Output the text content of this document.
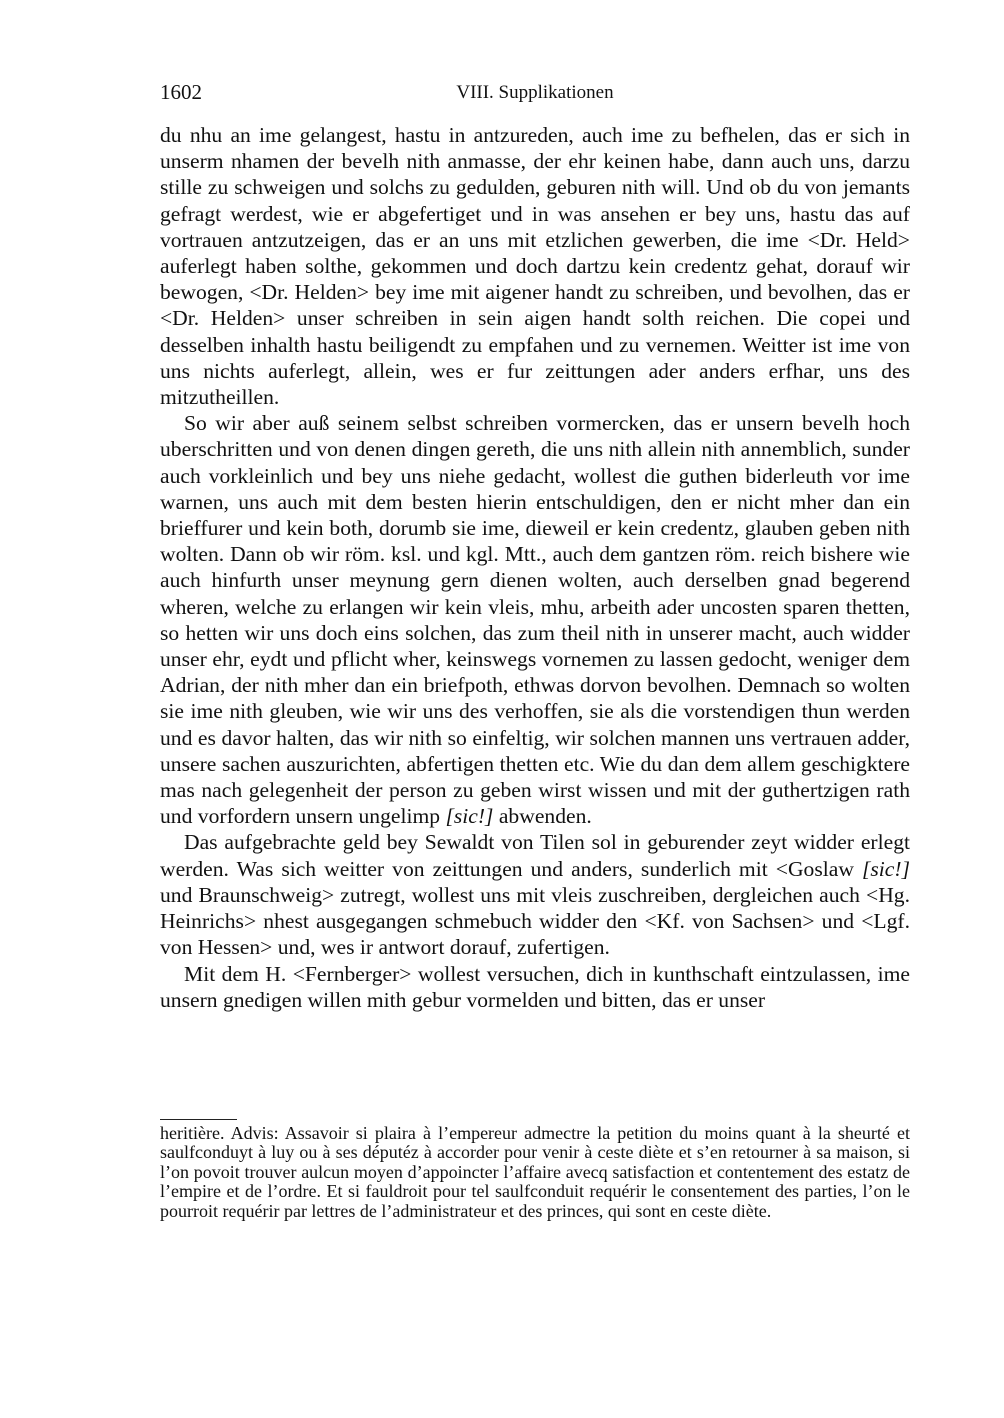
1602	VIII. Supplikationen

du nhu an ime gelangest, hastu in antzureden, auch ime zu befhelen, das er sich in unserm nhamen der bevelh nith anmasse, der ehr keinen habe, dann auch uns, darzu stille zu schweigen und solchs zu gedulden, geburen nith will. Und ob du von jemants gefragt werdest, wie er abgefertiget und in was ansehen er bey uns, hastu das auf vortrauen antzutzeigen, das er an uns mit etzlichen gewerben, die ime <Dr. Held> auferlegt haben solthe, gekommen und doch dartzu kein credentz gehat, dorauf wir bewogen, <Dr. Helden> bey ime mit aigener handt zu schreiben, und bevolhen, das er <Dr. Helden> unser schreiben in sein aigen handt solth reichen. Die copei und desselben inhalth hastu beiligendt zu empfahen und zu vernemen. Weitter ist ime von uns nichts auferlegt, allein, wes er fur zeittungen ader anders erfhar, uns des mitzutheillen.

So wir aber auß seinem selbst schreiben vormercken, das er unsern bevelh hoch uberschritten und von denen dingen gereth, die uns nith allein nith annemblich, sunder auch vorkleinlich und bey uns niehe gedacht, wollest die guthen biderleuth vor ime warnen, uns auch mit dem besten hierin entschuldigen, den er nicht mher dan ein brieffurer und kein both, dorumb sie ime, dieweil er kein credentz, glauben geben nith wolten. Dann ob wir röm. ksl. und kgl. Mtt., auch dem gantzen röm. reich bishere wie auch hinfurth unser meynung gern dienen wolten, auch derselben gnad begerend wheren, welche zu erlangen wir kein vleis, mhu, arbeith ader uncosten sparen thetten, so hetten wir uns doch eins solchen, das zum theil nith in unserer macht, auch widder unser ehr, eydt und pflicht wher, keinswegs vornemen zu lassen gedocht, weniger dem Adrian, der nith mher dan ein briefpoth, ethwas dorvon bevolhen. Demnach so wolten sie ime nith gleuben, wie wir uns des verhoffen, sie als die vorstendigen thun werden und es davor halten, das wir nith so einfeltig, wir solchen mannen uns vertrauen adder, unsere sachen auszurichten, abfertigen thetten etc. Wie du dan dem allem geschigktere mas nach gelegenheit der person zu geben wirst wissen und mit der guthertzigen rath und vorfordern unsern ungelimp [sic!] abwenden.

Das aufgebrachte geld bey Sewaldt von Tilen sol in geburender zeyt widder erlegt werden. Was sich weitter von zeittungen und anders, sunderlich mit <Goslaw [sic!] und Braunschweig> zutregt, wollest uns mit vleis zuschreiben, dergleichen auch <Hg. Heinrichs> nhest ausgegangen schmebuch widder den <Kf. von Sachsen> und <Lgf. von Hessen> und, wes ir antwort dorauf, zufertigen.

Mit dem H. <Fernberger> wollest versuchen, dich in kunthschaft eintzulassen, ime unsern gnedigen willen mith gebur vormelden und bitten, das er unser

heritière. Advis: Assavoir si plaira à l’empereur admectre la petition du moins quant à la sheurté et saulfconduyt à luy ou à ses députéz à accorder pour venir à ceste diète et s’en retourner à sa maison, si l’on povoit trouver aulcun moyen d’appoincter l’affaire avecq satisfaction et contentement des estatz de l’empire et de l’ordre. Et si fauldroit pour tel saulfconduit requérir le consentement des parties, l’on le pourroit requérir par lettres de l’administrateur et des princes, qui sont en ceste diète.
